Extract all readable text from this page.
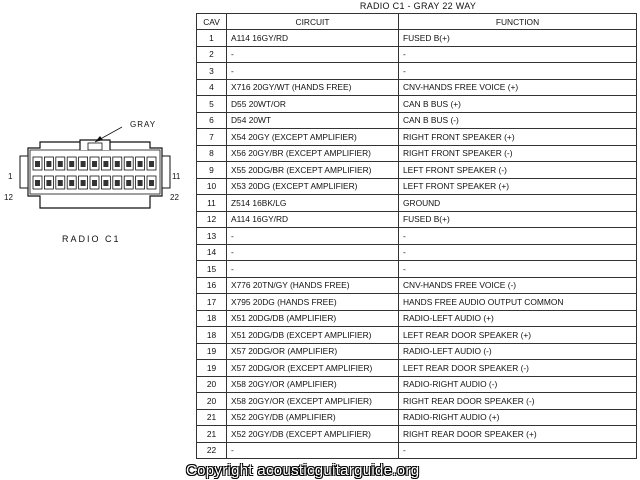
RADIO C1 - GRAY 22 WAY
CAV	CIRCUIT	FUNCTION
1	A114 16GY/RD	FUSED B(+)
2	-	-
3	-	-
4	X716 20GY/WT (HANDS FREE)	CNV-HANDS FREE VOICE (+)
5	D55 20WT/OR	CAN B BUS (+)
6	D54 20WT	CAN B BUS (-)
7	X54 20GY (EXCEPT AMPLIFIER)	RIGHT FRONT SPEAKER (+)
8	X56 20GY/BR (EXCEPT AMPLIFIER)	RIGHT FRONT SPEAKER (-)
9	X55 20DG/BR (EXCEPT AMPLIFIER)	LEFT FRONT SPEAKER (-)
10	X53 20DG (EXCEPT AMPLIFIER)	LEFT FRONT SPEAKER (+)
11	Z514 16BK/LG	GROUND
12	A114 16GY/RD	FUSED B(+)
13	-	-
14	-	-
15	-	-
16	X776 20TN/GY (HANDS FREE)	CNV-HANDS FREE VOICE (-)
17	X795 20DG (HANDS FREE)	HANDS FREE AUDIO OUTPUT COMMON
18	X51 20DG/DB (AMPLIFIER)	RADIO-LEFT AUDIO (+)
18	X51 20DG/DB (EXCEPT AMPLIFIER)	LEFT REAR DOOR SPEAKER (+)
19	X57 20DG/OR (AMPLIFIER)	RADIO-LEFT AUDIO (-)
19	X57 20DG/OR (EXCEPT AMPLIFIER)	LEFT REAR DOOR SPEAKER (-)
20	X58 20GY/OR (AMPLIFIER)	RADIO-RIGHT AUDIO (-)
20	X58 20GY/OR (EXCEPT AMPLIFIER)	RIGHT REAR DOOR SPEAKER (-)
21	X52 20GY/DB (AMPLIFIER)	RADIO-RIGHT AUDIO (+)
21	X52 20GY/DB (EXCEPT AMPLIFIER)	RIGHT REAR DOOR SPEAKER (+)
22	-	-
GRAY
1	11
12	22
RADIO C1
Copyright acousticguitarguide.org
